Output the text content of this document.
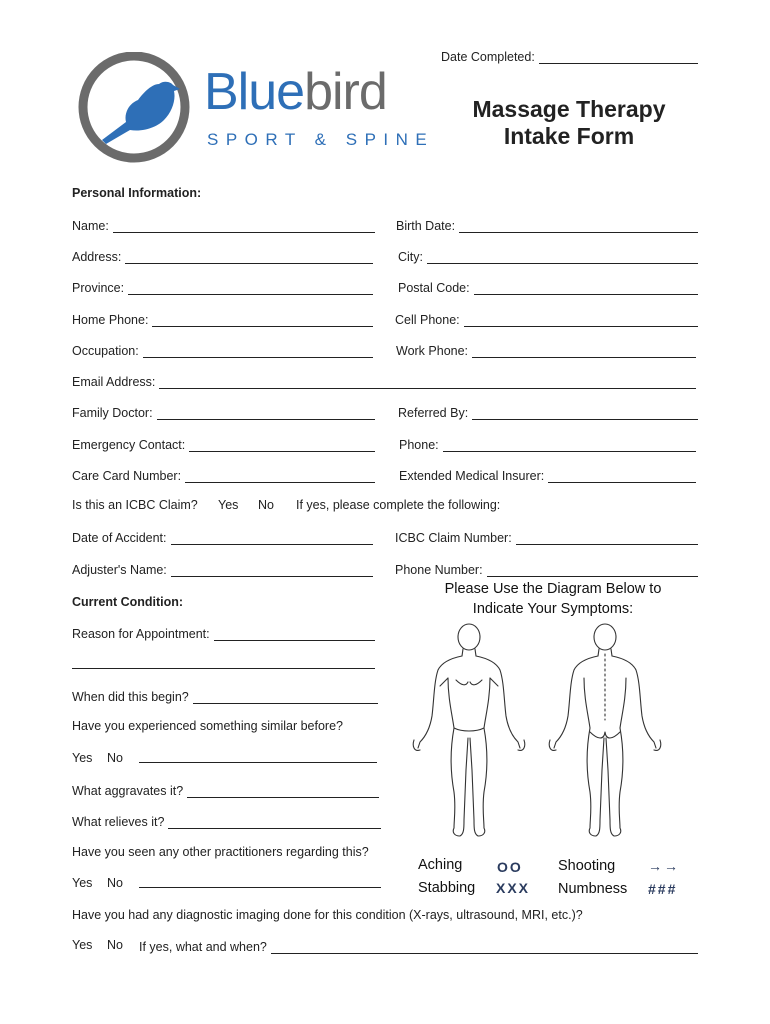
Date Completed:
Bluebird
SPORT & SPINE
Massage Therapy
Intake Form
Personal Information:
Name:	Birth Date:
Address:	City:
Province:	Postal Code:
Home Phone:	Cell Phone:
Occupation:	Work Phone:
Email Address:
Family Doctor:	Referred By:
Emergency Contact:	Phone:
Care Card Number:	Extended Medical Insurer:
Is this an ICBC Claim? Yes No If yes, please complete the following:
Date of Accident:	ICBC Claim Number:
Adjuster's Name:	Phone Number:
Current Condition:
Reason for Appointment:
When did this begin?
Have you experienced something similar before?
Yes No
What aggravates it?
What relieves it?
Have you seen any other practitioners regarding this?
Yes No
Have you had any diagnostic imaging done for this condition (X-rays, ultrasound, MRI, etc.)?
Yes No If yes, what and when?
Please Use the Diagram Below to
Indicate Your Symptoms:
Aching OO Shooting →→
Stabbing XXX Numbness ###
